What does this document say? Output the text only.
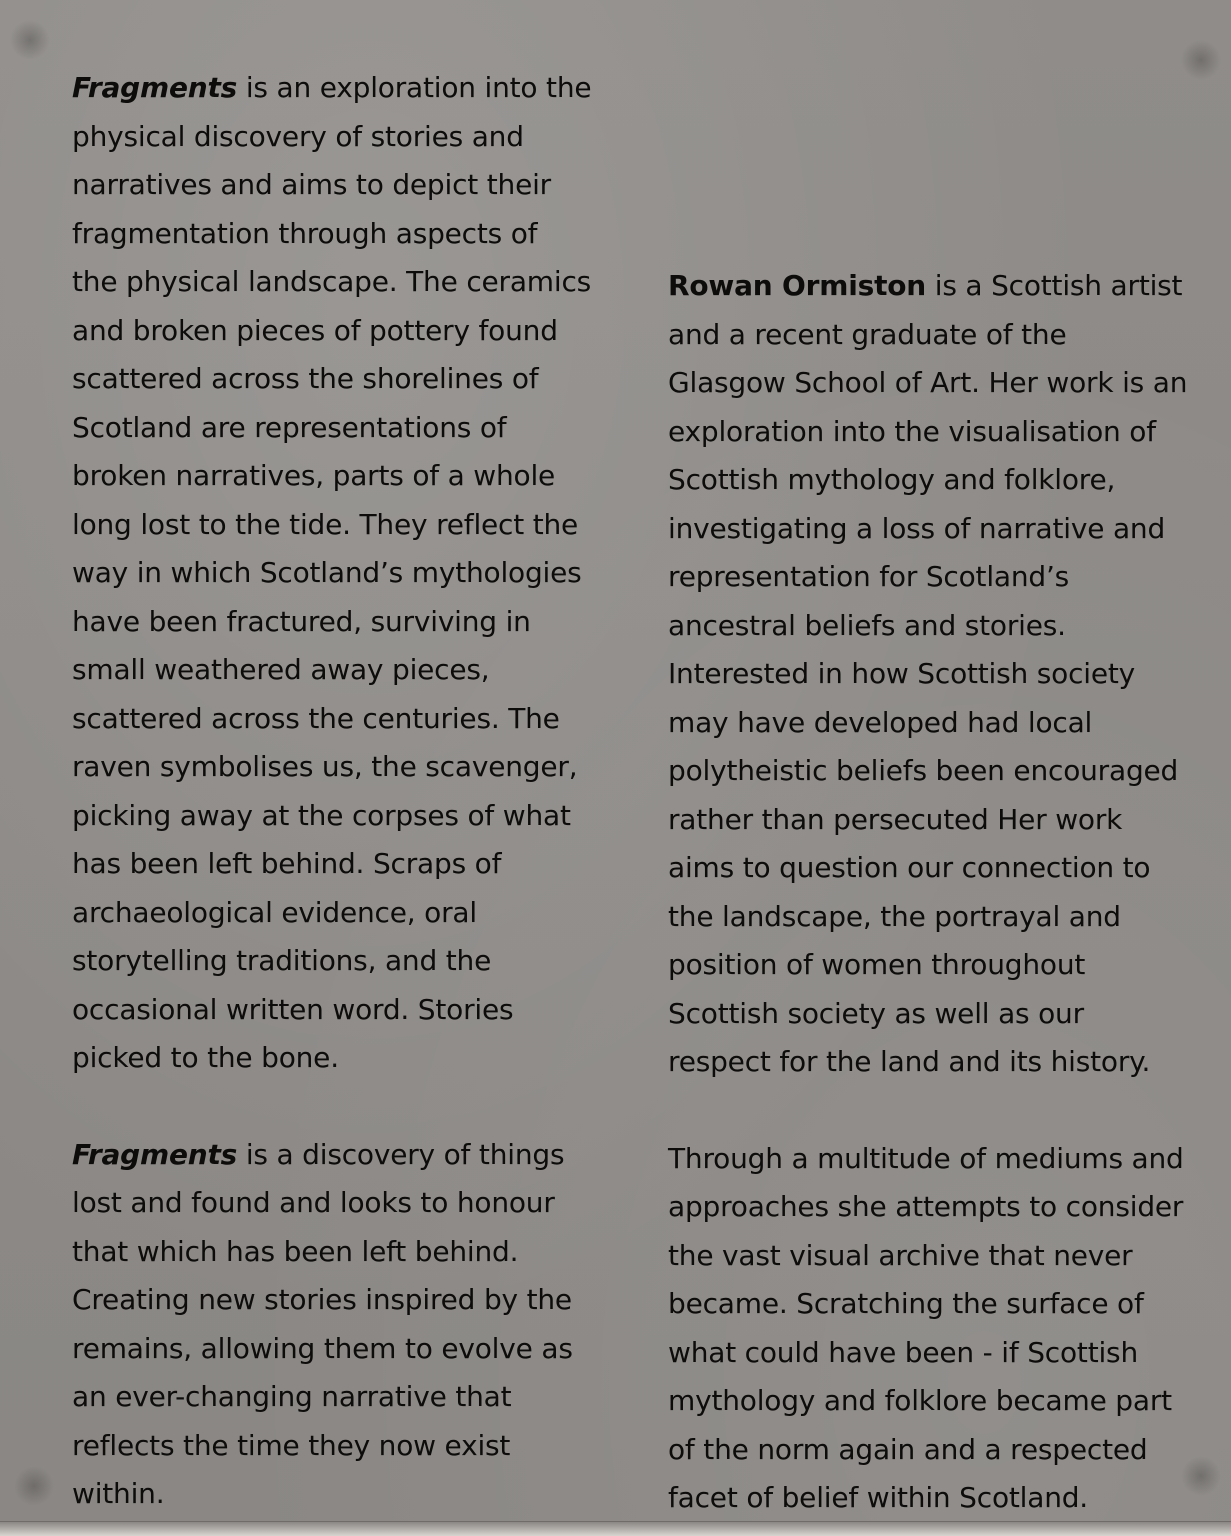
Fragments is an exploration into the
physical discovery of stories and
narratives and aims to depict their
fragmentation through aspects of
the physical landscape. The ceramics
and broken pieces of pottery found
scattered across the shorelines of
Scotland are representations of
broken narratives, parts of a whole
long lost to the tide. They reflect the
way in which Scotland’s mythologies
have been fractured, surviving in
small weathered away pieces,
scattered across the centuries. The
raven symbolises us, the scavenger,
picking away at the corpses of what
has been left behind. Scraps of
archaeological evidence, oral
storytelling traditions, and the
occasional written word. Stories
picked to the bone.
Fragments is a discovery of things
lost and found and looks to honour
that which has been left behind.
Creating new stories inspired by the
remains, allowing them to evolve as
an ever-changing narrative that
reflects the time they now exist
within.
Rowan Ormiston is a Scottish artist
and a recent graduate of the
Glasgow School of Art. Her work is an
exploration into the visualisation of
Scottish mythology and folklore,
investigating a loss of narrative and
representation for Scotland’s
ancestral beliefs and stories.
Interested in how Scottish society
may have developed had local
polytheistic beliefs been encouraged
rather than persecuted Her work
aims to question our connection to
the landscape, the portrayal and
position of women throughout
Scottish society as well as our
respect for the land and its history.
Through a multitude of mediums and
approaches she attempts to consider
the vast visual archive that never
became. Scratching the surface of
what could have been - if Scottish
mythology and folklore became part
of the norm again and a respected
facet of belief within Scotland.
